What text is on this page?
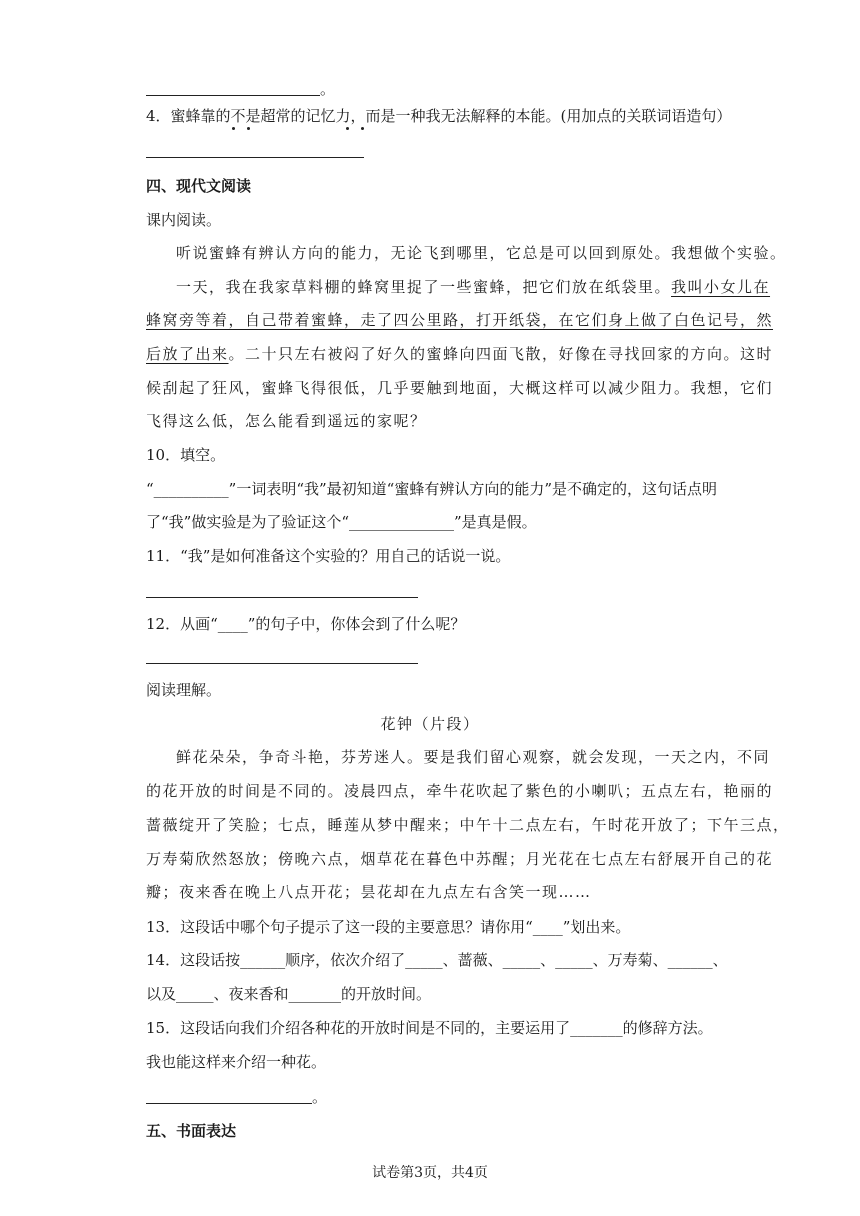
。
4．蜜蜂靠的不是超常的记忆力，而是一种我无法解释的本能。(用加点的关联词语造句）
四、现代文阅读
课内阅读。
听说蜜蜂有辨认方向的能力，无论飞到哪里，它总是可以回到原处。我想做个实验。
一天，我在我家草料棚的蜂窝里捉了一些蜜蜂，把它们放在纸袋里。我叫小女儿在
蜂窝旁等着，自己带着蜜蜂，走了四公里路，打开纸袋，在它们身上做了白色记号，然
后放了出来。二十只左右被闷了好久的蜜蜂向四面飞散，好像在寻找回家的方向。这时
候刮起了狂风，蜜蜂飞得很低，几乎要触到地面，大概这样可以减少阻力。我想，它们
飞得这么低，怎么能看到遥远的家呢？
10．填空。
“__________”一词表明“我”最初知道“蜜蜂有辨认方向的能力”是不确定的，这句话点明
了“我”做实验是为了验证这个“______________”是真是假。
11．“我”是如何准备这个实验的？用自己的话说一说。
12．从画“____”的句子中，你体会到了什么呢？
阅读理解。
花钟（片段）
鲜花朵朵，争奇斗艳，芬芳迷人。要是我们留心观察，就会发现，一天之内，不同
的花开放的时间是不同的。凌晨四点，牵牛花吹起了紫色的小喇叭；五点左右，艳丽的
蔷薇绽开了笑脸；七点，睡莲从梦中醒来；中午十二点左右，午时花开放了；下午三点，
万寿菊欣然怒放；傍晚六点，烟草花在暮色中苏醒；月光花在七点左右舒展开自己的花
瓣；夜来香在晚上八点开花；昙花却在九点左右含笑一现……
13．这段话中哪个句子提示了这一段的主要意思？请你用“____”划出来。
14．这段话按______顺序，依次介绍了_____、蔷薇、_____、_____、万寿菊、______、
以及_____、夜来香和_______的开放时间。
15．这段话向我们介绍各种花的开放时间是不同的，主要运用了_______的修辞方法。
我也能这样来介绍一种花。
。
五、书面表达
试卷第3页，共4页
